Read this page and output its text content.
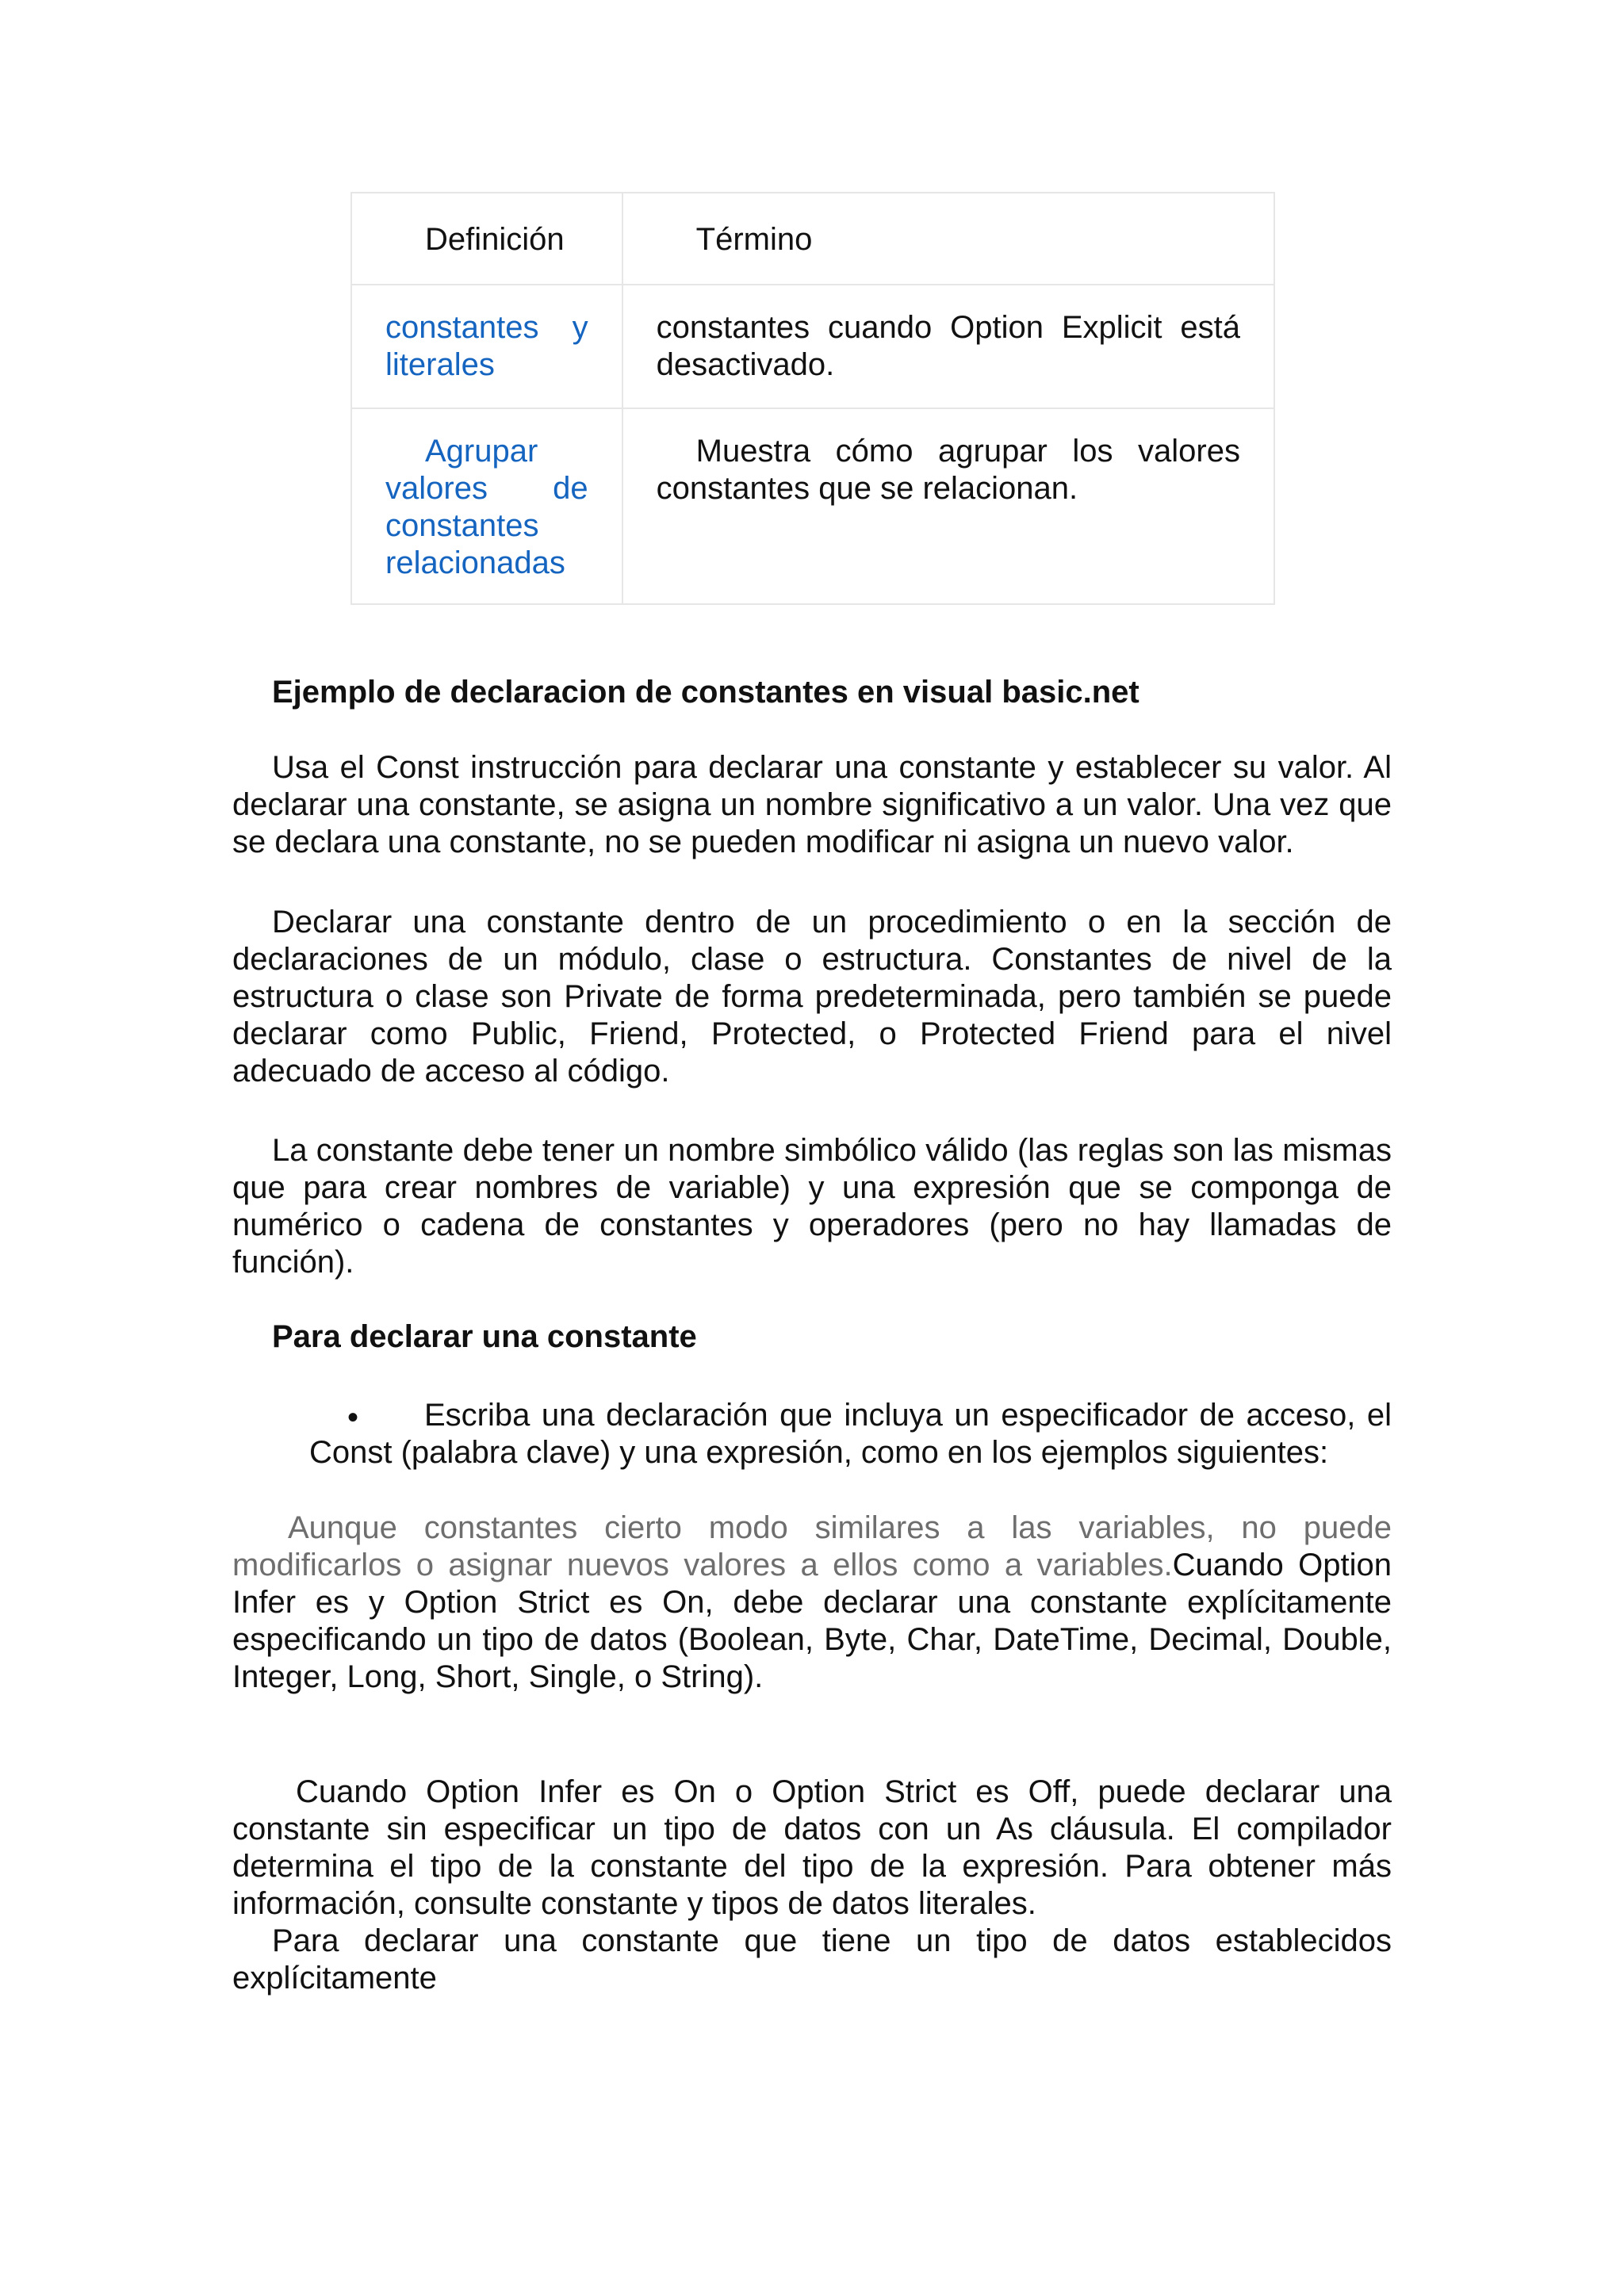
Definición	Término

constantes y literales	constantes cuando Option Explicit está desactivado.

Agrupar valores de constantes relacionadas	Muestra cómo agrupar los valores constantes que se relacionan.

Ejemplo de declaracion de constantes en visual basic.net

Usa el Const instrucción para declarar una constante y establecer su valor. Al declarar una constante, se asigna un nombre significativo a un valor. Una vez que se declara una constante, no se pueden modificar ni asigna un nuevo valor.

Declarar una constante dentro de un procedimiento o en la sección de declaraciones de un módulo, clase o estructura. Constantes de nivel de la estructura o clase son Private de forma predeterminada, pero también se puede declarar como Public, Friend, Protected, o Protected Friend para el nivel adecuado de acceso al código.

La constante debe tener un nombre simbólico válido (las reglas son las mismas que para crear nombres de variable) y una expresión que se componga de numérico o cadena de constantes y operadores (pero no hay llamadas de función).

Para declarar una constante

•	Escriba una declaración que incluya un especificador de acceso, el Const (palabra clave) y una expresión, como en los ejemplos siguientes:

Aunque constantes cierto modo similares a las variables, no puede modificarlos o asignar nuevos valores a ellos como a variables.Cuando Option Infer es y Option Strict es On, debe declarar una constante explícitamente especificando un tipo de datos (Boolean, Byte, Char, DateTime, Decimal, Double, Integer, Long, Short, Single, o String).

Cuando Option Infer es On o Option Strict es Off, puede declarar una constante sin especificar un tipo de datos con un As cláusula. El compilador determina el tipo de la constante del tipo de la expresión. Para obtener más información, consulte constante y tipos de datos literales.

Para declarar una constante que tiene un tipo de datos establecidos explícitamente
